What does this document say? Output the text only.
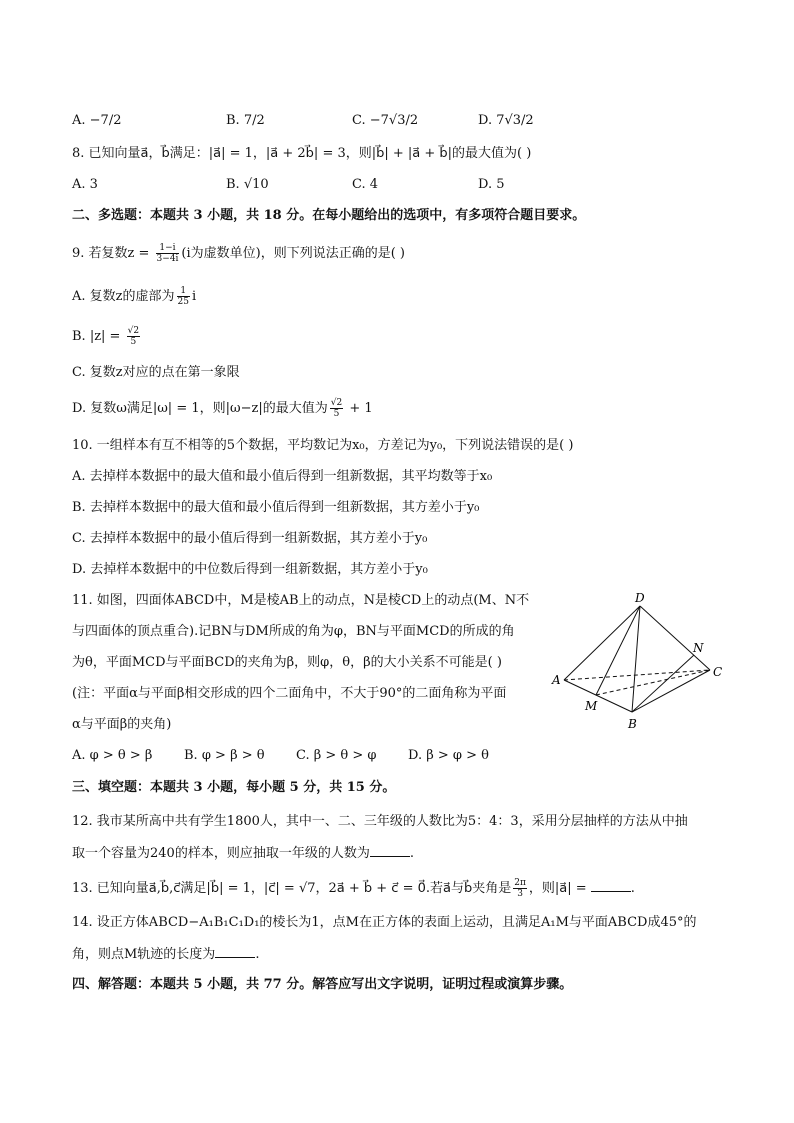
A. −7/2	B. 7/2	C. −7√3/2	D. 7√3/2
8. 已知向量a⃗，b⃗满足：|a⃗| = 1，|a⃗ + 2b⃗| = 3，则|b⃗| + |a⃗ + b⃗|的最大值为( )
A. 3	B. √10	C. 4	D. 5
二、多选题：本题共 3 小题，共 18 分。在每小题给出的选项中，有多项符合题目要求。
9. 若复数$z = \frac{1-i}{3-4i} (i$为虚数单位)，则下列说法正确的是( )
A. 复数z的虚部为 $\frac{1}{25}$ i
B. $|z| = \frac{√2}{5}$
C. 复数z对应的点在第一象限
D. 复数ω满足|ω| = 1，则|ω−z|的最大值为 $\frac{√2}{5} + 1$
10. 一组样本有互不相等的5个数据，平均数记为x₀，方差记为y₀，下列说法错误的是( )
A. 去掉样本数据中的最大值和最小值后得到一组新数据，其平均数等于x₀
B. 去掉样本数据中的最大值和最小值后得到一组新数据，其方差小于y₀
C. 去掉样本数据中的最小值后得到一组新数据，其方差小于y₀
D. 去掉样本数据中的中位数后得到一组新数据，其方差小于y₀
11. 如图，四面体ABCD中，M是棱AB上的动点，N是棱CD上的动点(M、N不
与四面体的顶点重合).记BN与DM所成的角为φ，BN与平面MCD的所成的角
为θ，平面MCD与平面BCD的夹角为β，则φ，θ，β的大小关系不可能是( )
(注：平面α与平面β相交形成的四个二面角中，不大于90°的二面角称为平面
α与平面β的夹角)
A. φ > θ > β B. φ > β > θ C. β > θ > φ D. β > φ > θ
D
N
C
A
M
B
三、填空题：本题共 3 小题，每小题 5 分，共 15 分。
12. 我市某所高中共有学生1800人，其中一、二、三年级的人数比为5：4：3，采用分层抽样的方法从中抽
取一个容量为240的样本，则应抽取一年级的人数为	.
13. 已知向量a⃗,b⃗,c⃗满足|b⃗| = 1，|c⃗| = √7，2a⃗ + b⃗ + c⃗ = 0⃗.若a⃗与b⃗夹角是 $\frac{2\pi}{3}$ ，则|a⃗| =	.
14. 设正方体ABCD−A₁B₁C₁D₁的棱长为1，点M在正方体的表面上运动，且满足A₁M与平面ABCD成45°的
角，则点M轨迹的长度为	.
四、解答题：本题共 5 小题，共 77 分。解答应写出文字说明，证明过程或演算步骤。
